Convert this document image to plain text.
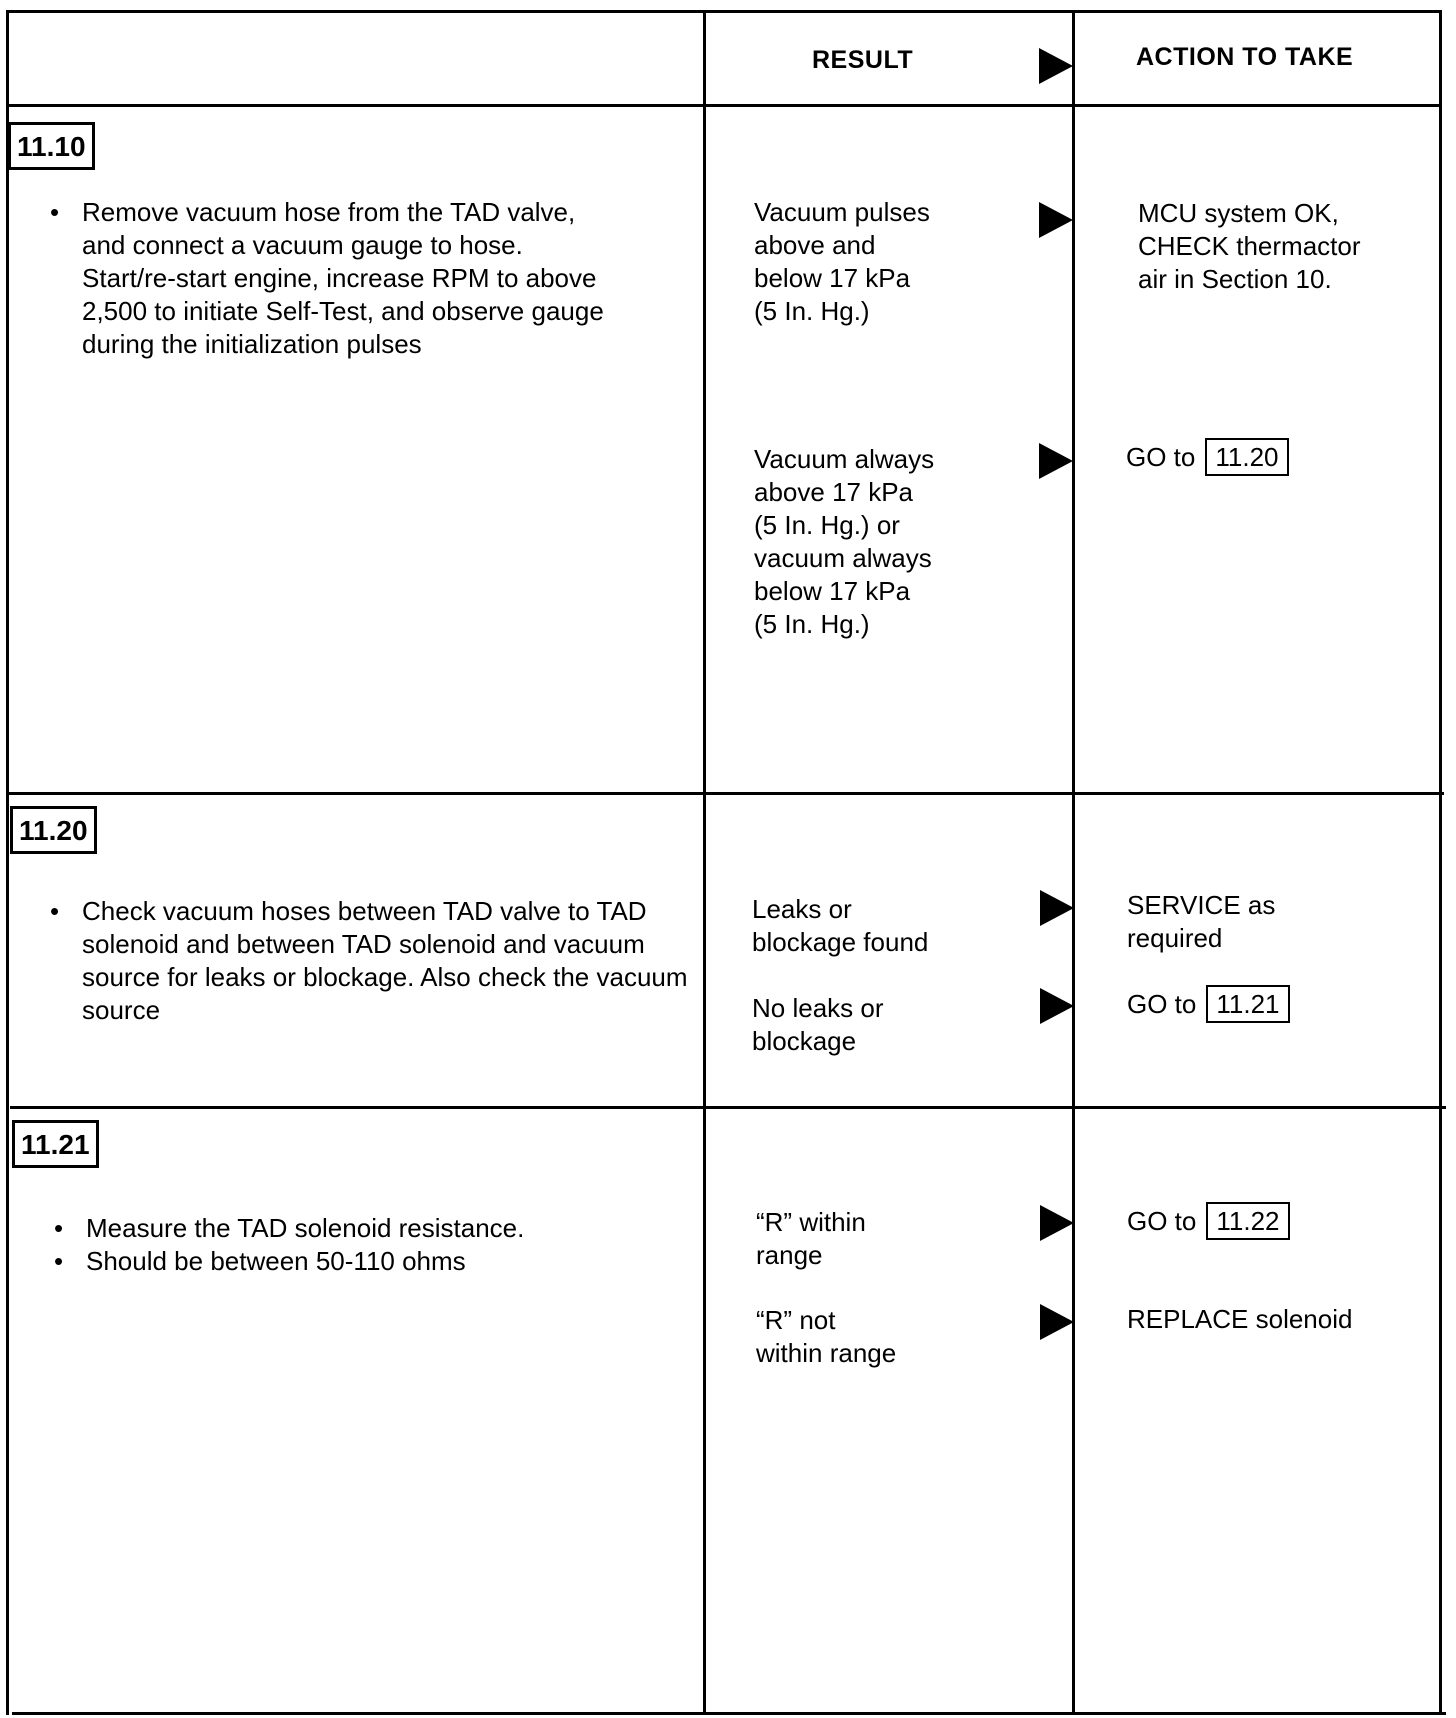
RESULT	ACTION TO TAKE
11.10
• Remove vacuum hose from the TAD valve, and connect a vacuum gauge to hose. Start/re-start engine, increase RPM to above 2,500 to initiate Self-Test, and observe gauge during the initialization pulses
Vacuum pulses
above and
below 17 kPa
(5 In. Hg.)
MCU system OK,
CHECK thermactor
air in Section 10.
Vacuum always
above 17 kPa
(5 In. Hg.) or
vacuum always
below 17 kPa
(5 In. Hg.)
GO to 11.20
11.20
• Check vacuum hoses between TAD valve to TAD solenoid and between TAD solenoid and vacuum source for leaks or blockage. Also check the vacuum source
Leaks or
blockage found
SERVICE as
required
No leaks or
blockage
GO to 11.21
11.21
• Measure the TAD solenoid resistance.
• Should be between 50-110 ohms
“R” within
range
GO to 11.22
“R” not
within range
REPLACE solenoid
